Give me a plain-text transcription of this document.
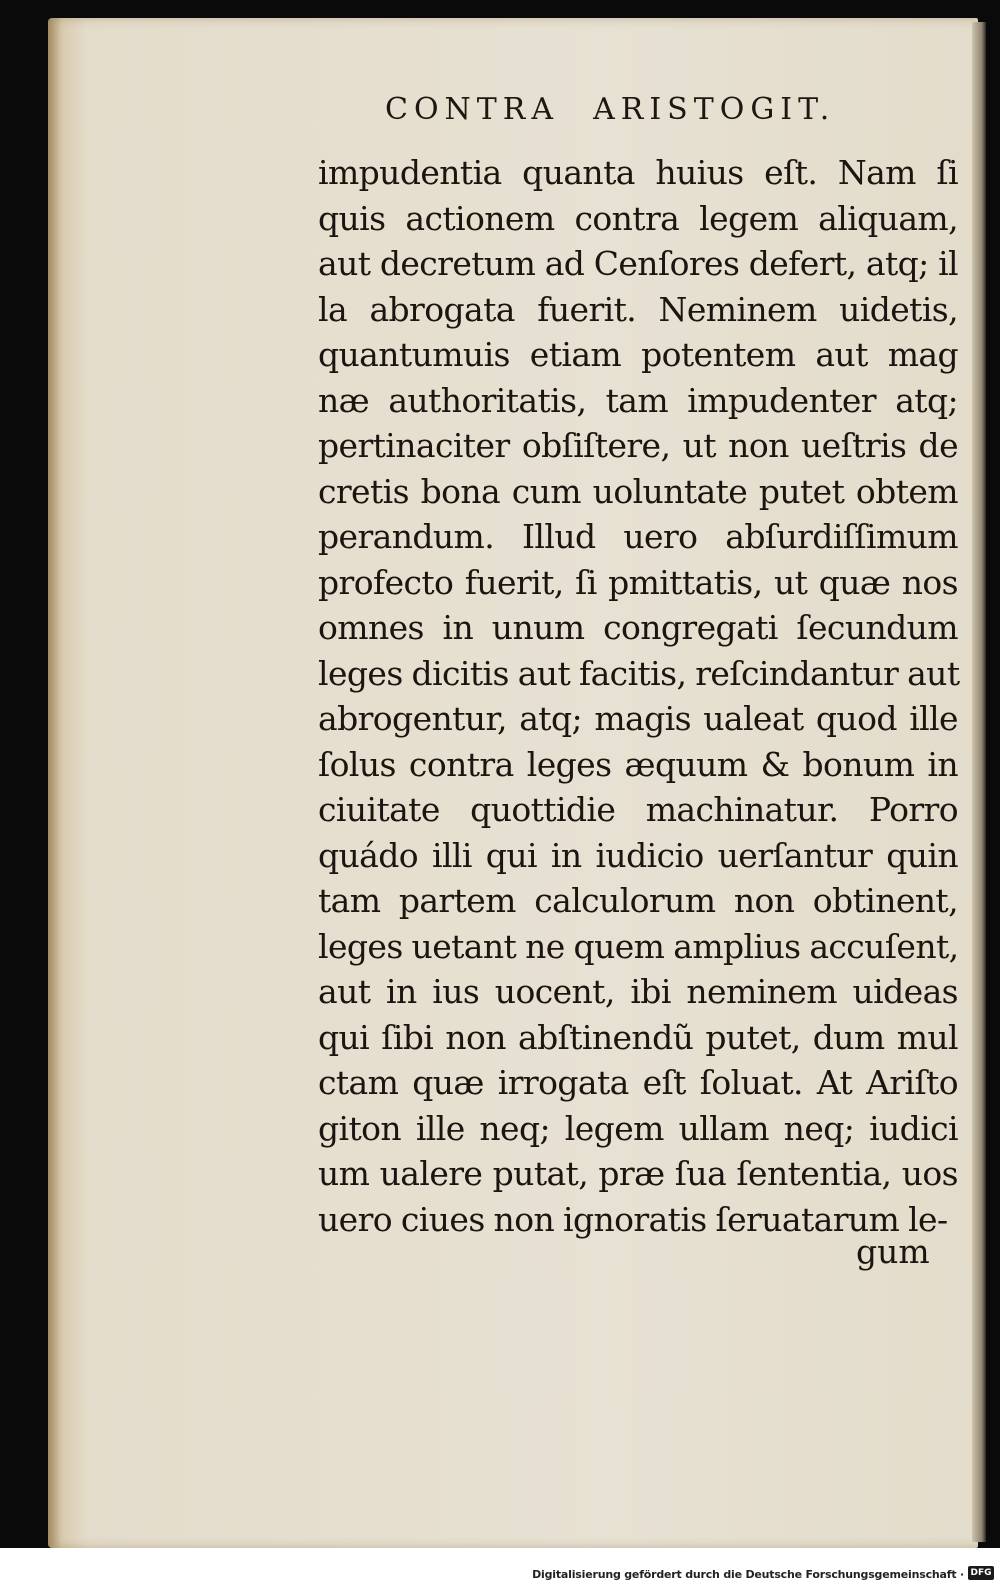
CONTRA ARISTOGIT.
impudentia quanta huius eſt. Nam ſi
quis actionem contra legem aliquam,
aut decretum ad Cenſores defert, atq; il
la abrogata fuerit. Neminem uidetis,
quantumuis etiam potentem aut mag
næ authoritatis, tam impudenter atq;
pertinaciter obſiſtere, ut non ueſtris de
cretis bona cum uoluntate putet obtem
perandum. Illud uero abſurdiſſimum
profecto fuerit, ſi pmittatis, ut quæ nos
omnes in unum congregati ſecundum
leges dicitis aut facitis, reſcindantur aut
abrogentur, atq; magis ualeat quod ille
ſolus contra leges æquum & bonum in
ciuitate quottidie machinatur. Porro
quádo illi qui in iudicio uerſantur quin
tam partem calculorum non obtinent,
leges uetant ne quem amplius accuſent,
aut in ius uocent, ibi neminem uideas
qui ſibi non abſtinendũ putet, dum mul
ctam quæ irrogata eſt ſoluat. At Ariſto
giton ille neq; legem ullam neq; iudici
um ualere putat, præ ſua ſententia, uos
uero ciues non ignoratis ſeruatarum le-
gum
Digitalisierung gefördert durch die Deutsche Forschungsgemeinschaft · DFG
